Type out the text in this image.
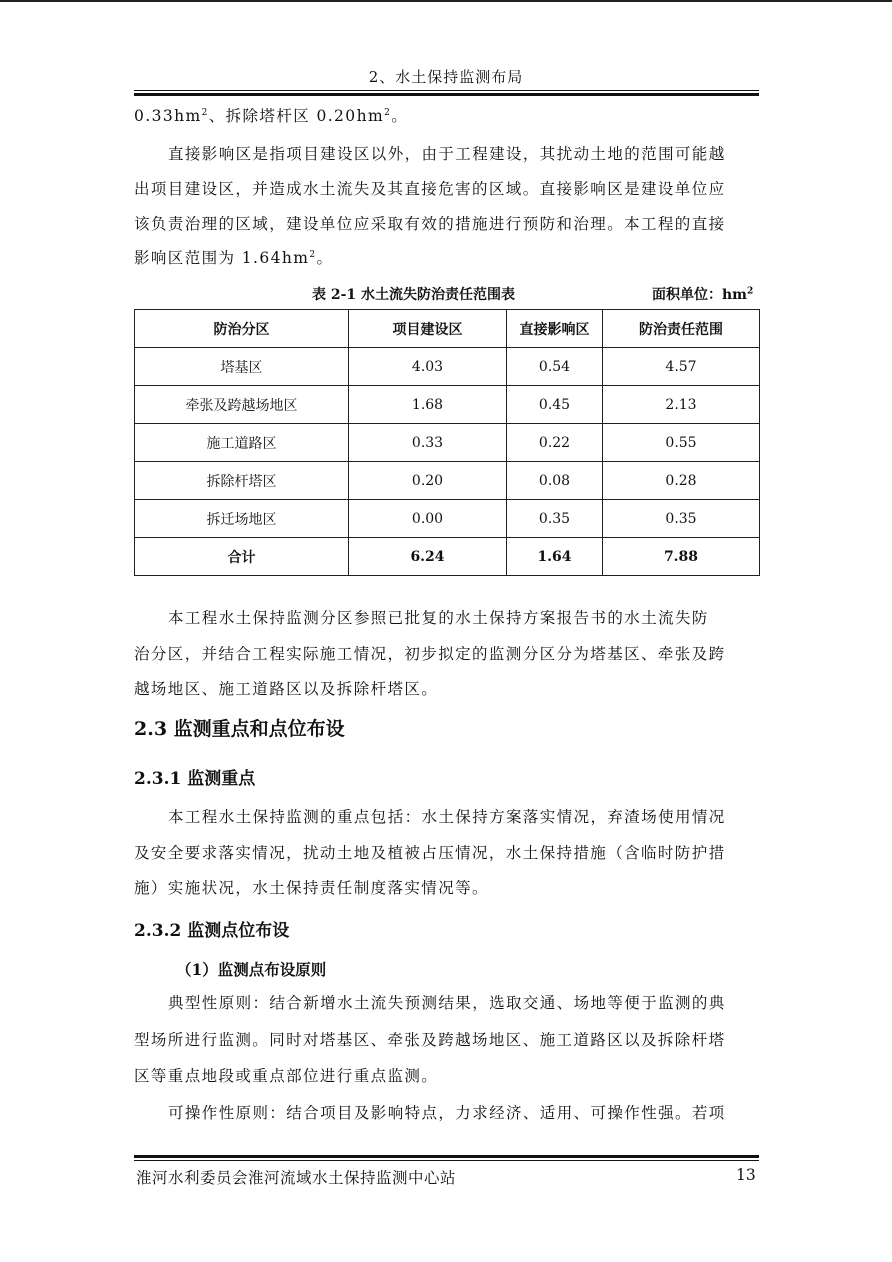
2、水土保持监测布局
$0.33hm^2$、拆除塔杆区 $0.20hm^2$。
直接影响区是指项目建设区以外，由于工程建设，其扰动土地的范围可能越
出项目建设区，并造成水土流失及其直接危害的区域。直接影响区是建设单位应
该负责治理的区域，建设单位应采取有效的措施进行预防和治理。本工程的直接
影响区范围为 $1.64hm^2$。
表 2-1 水土流失防治责任范围表	面积单位：$hm^2$
防治分区	项目建设区	直接影响区	防治责任范围
塔基区	4.03	0.54	4.57
牵张及跨越场地区	1.68	0.45	2.13
施工道路区	0.33	0.22	0.55
拆除杆塔区	0.20	0.08	0.28
拆迁场地区	0.00	0.35	0.35
合计	6.24	1.64	7.88
本工程水土保持监测分区参照已批复的水土保持方案报告书的水土流失防
治分区，并结合工程实际施工情况，初步拟定的监测分区分为塔基区、牵张及跨
越场地区、施工道路区以及拆除杆塔区。
2.3 监测重点和点位布设
2.3.1 监测重点
本工程水土保持监测的重点包括：水土保持方案落实情况，弃渣场使用情况
及安全要求落实情况，扰动土地及植被占压情况，水土保持措施（含临时防护措
施）实施状况，水土保持责任制度落实情况等。
2.3.2 监测点位布设
（1）监测点布设原则
典型性原则：结合新增水土流失预测结果，选取交通、场地等便于监测的典
型场所进行监测。同时对塔基区、牵张及跨越场地区、施工道路区以及拆除杆塔
区等重点地段或重点部位进行重点监测。
可操作性原则：结合项目及影响特点，力求经济、适用、可操作性强。若项
淮河水利委员会淮河流域水土保持监测中心站	13
